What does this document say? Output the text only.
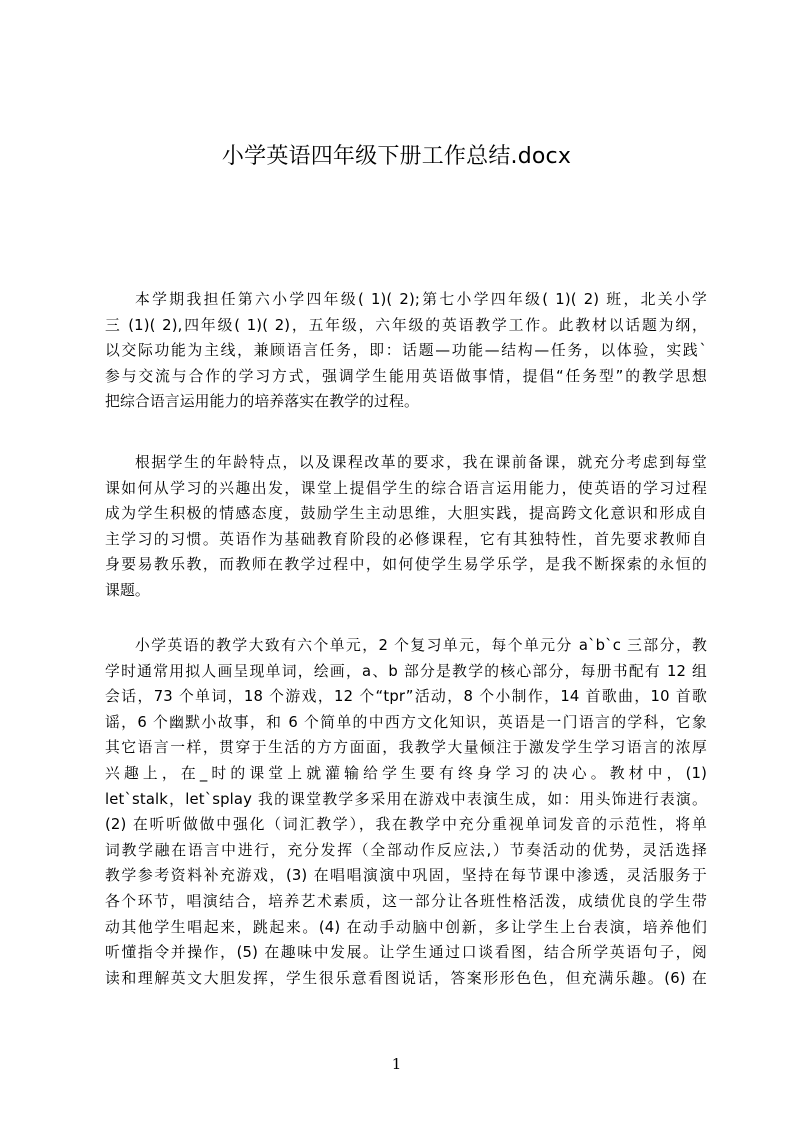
小学英语四年级下册工作总结.docx
本学期我担任第六小学四年级( 1)( 2);第七小学四年级( 1)( 2) 班，北关小学
三 (1)( 2),四年级( 1)( 2)，五年级，六年级的英语教学工作。此教材以话题为纲，
以交际功能为主线，兼顾语言任务，即：话题—功能—结构—任务，以体验，实践`
参与交流与合作的学习方式，强调学生能用英语做事情，提倡“任务型”的教学思想
把综合语言运用能力的培养落实在教学的过程。
根据学生的年龄特点，以及课程改革的要求，我在课前备课，就充分考虑到每堂
课如何从学习的兴趣出发，课堂上提倡学生的综合语言运用能力，使英语的学习过程
成为学生积极的情感态度，鼓励学生主动思维，大胆实践，提高跨文化意识和形成自
主学习的习惯。英语作为基础教育阶段的必修课程，它有其独特性，首先要求教师自
身要易教乐教，而教师在教学过程中，如何使学生易学乐学，是我不断探索的永恒的
课题。
小学英语的教学大致有六个单元，2 个复习单元，每个单元分 a`b`c 三部分，教
学时通常用拟人画呈现单词，绘画，a、b 部分是教学的核心部分，每册书配有 12 组
会话，73 个单词，18 个游戏，12 个“tpr”活动，8 个小制作，14 首歌曲，10 首歌
谣，6 个幽默小故事，和 6 个简单的中西方文化知识，英语是一门语言的学科，它象
其它语言一样，贯穿于生活的方方面面，我教学大量倾注于激发学生学习语言的浓厚
兴趣上，在_时的课堂上就灌输给学生要有终身学习的决心。教材中，(1)
let`stalk，let`splay 我的课堂教学多采用在游戏中表演生成，如：用头饰进行表演。
(2) 在听听做做中强化（词汇教学），我在教学中充分重视单词发音的示范性，将单
词教学融在语言中进行，充分发挥（全部动作反应法,）节奏活动的优势，灵活选择
教学参考资料补充游戏，(3) 在唱唱演演中巩固，坚持在每节课中渗透，灵活服务于
各个环节，唱演结合，培养艺术素质，这一部分让各班性格活泼，成绩优良的学生带
动其他学生唱起来，跳起来。(4) 在动手动脑中创新，多让学生上台表演，培养他们
听懂指令并操作，(5) 在趣味中发展。让学生通过口谈看图，结合所学英语句子，阅
读和理解英文大胆发挥，学生很乐意看图说话，答案形形色色，但充满乐趣。(6) 在
1
